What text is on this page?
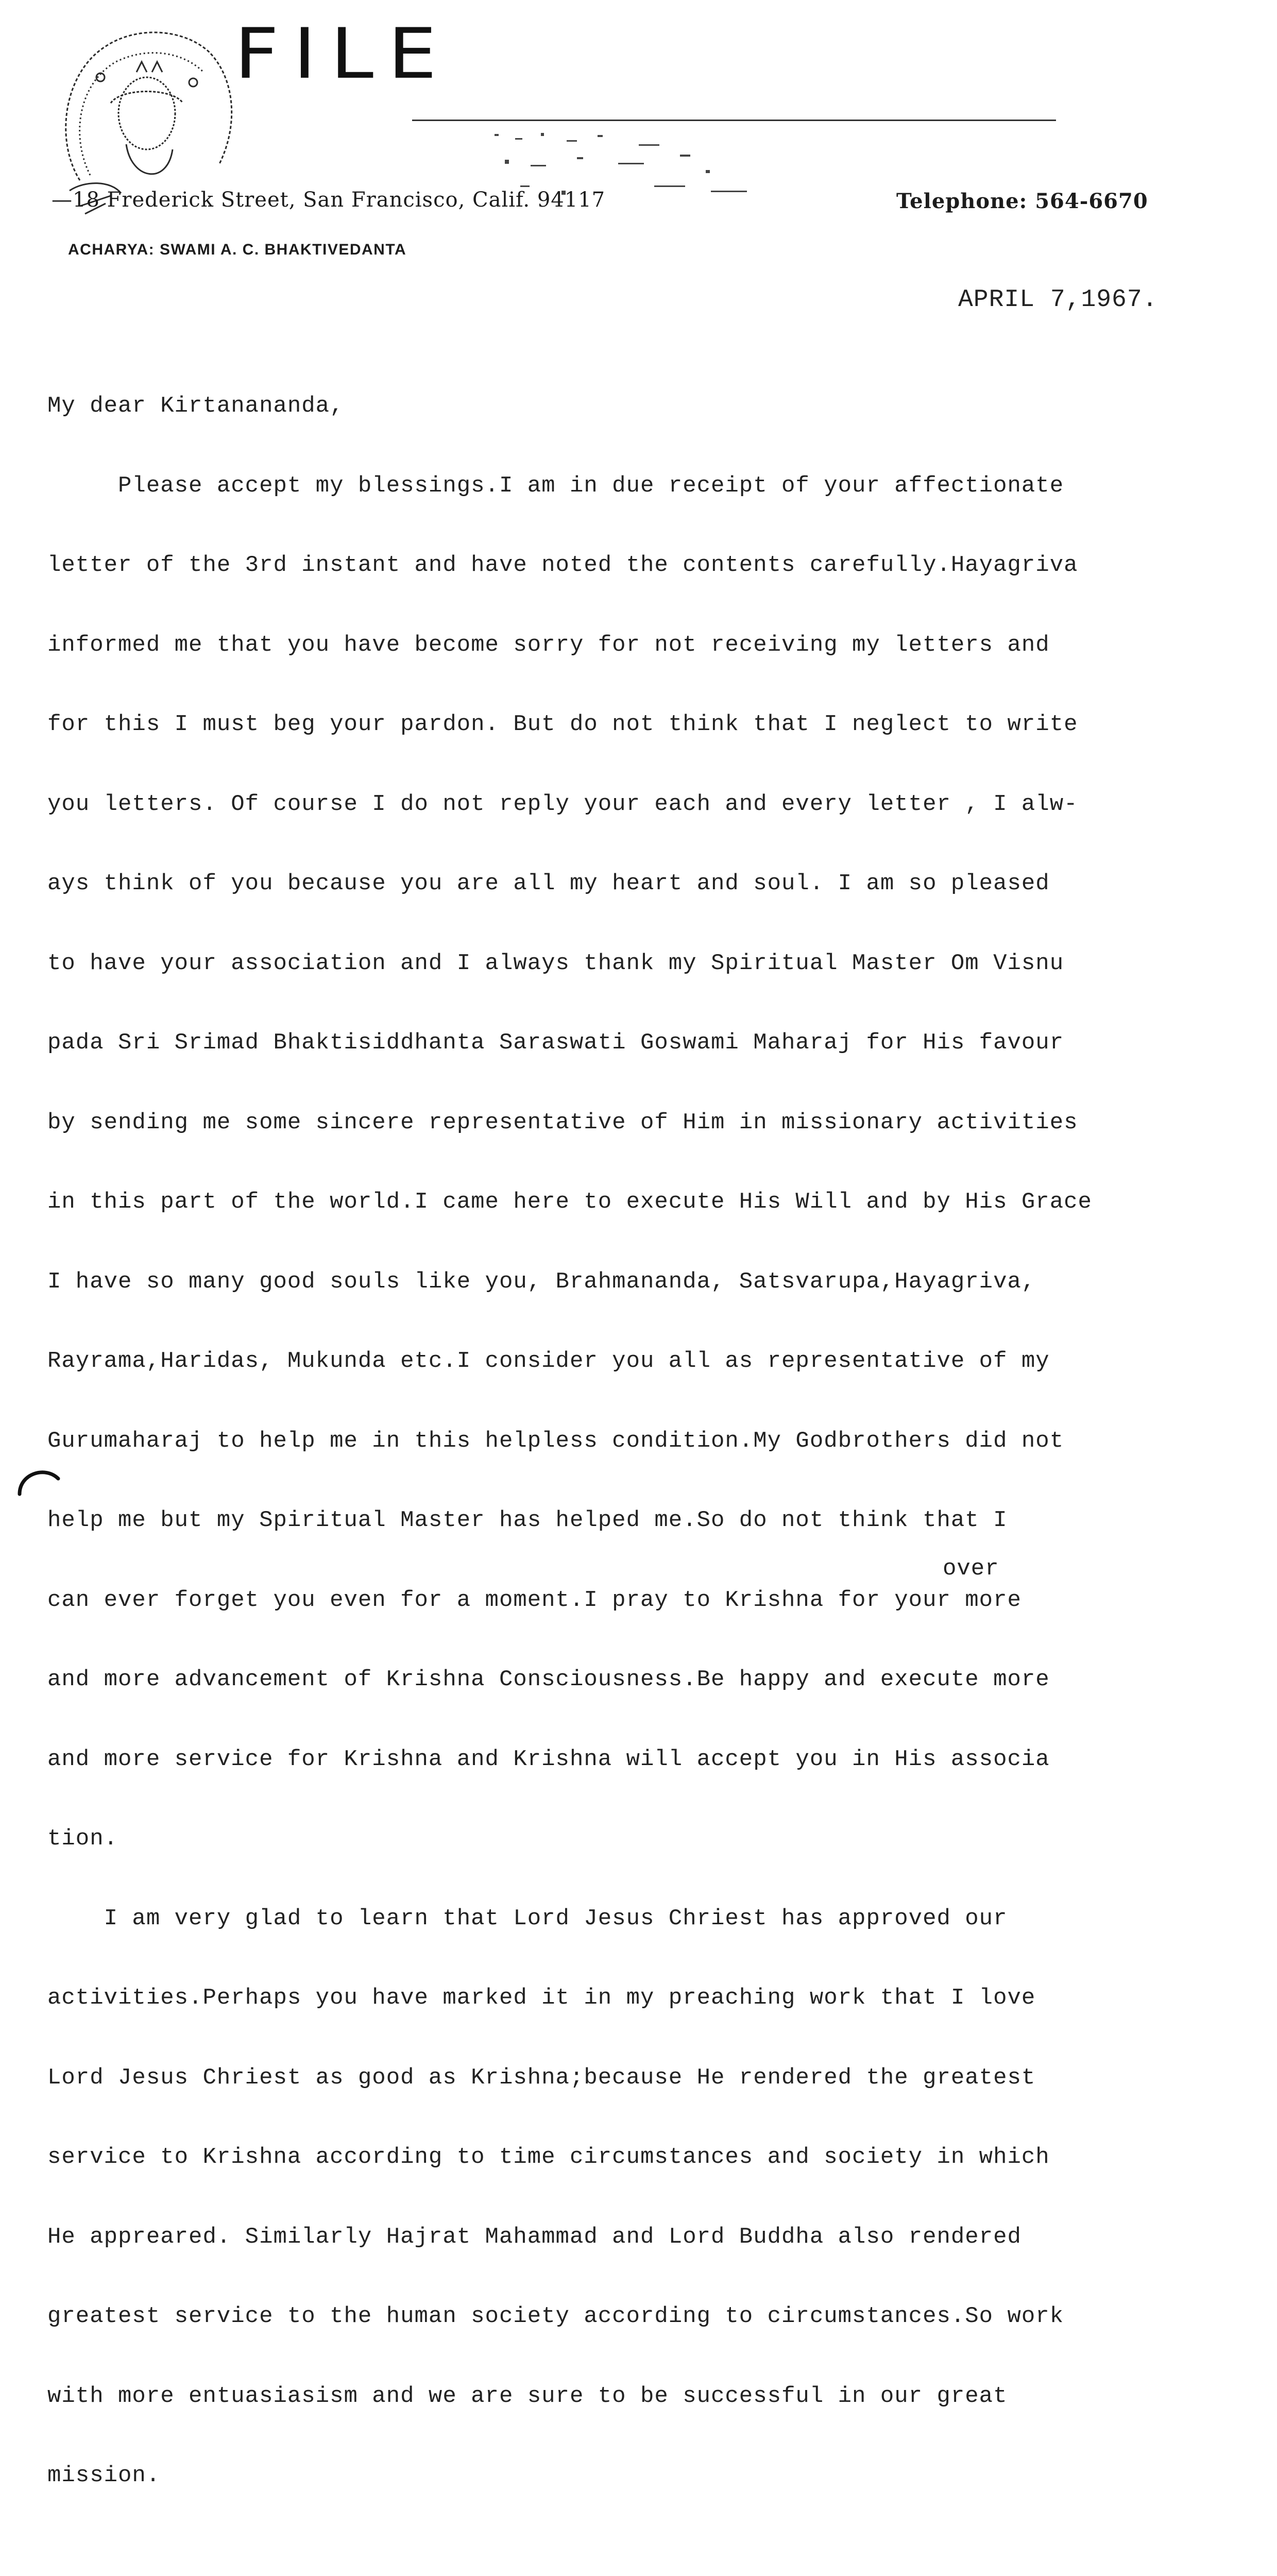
FILE
—18 Frederick Street, San Francisco, Calif. 94117	Telephone: 564-6670
ACHARYA: SWAMI A. C. BHAKTIVEDANTA
APRIL 7,1967.

My dear Kirtanananda,

Please accept my blessings.I am in due receipt of your affectionate

letter of the 3rd instant and have noted the contents carefully.Hayagriva

informed me that you have become sorry for not receiving my letters and

for this I must beg your pardon. But do not think that I neglect to write

you letters. Of course I do not reply your each and every letter , I alw-

ays think of you because you are all my heart and soul. I am so pleased

to have your association and I always thank my Spiritual Master Om Visnu

pada Sri Srimad Bhaktisiddhanta Saraswati Goswami Maharaj for His favour

by sending me some sincere representative of Him in missionary activities

in this part of the world.I came here to execute His Will and by His Grace

I have so many good souls like you, Brahmananda, Satsvarupa,Hayagriva,

Rayrama,Haridas, Mukunda etc.I consider you all as representative of my

Gurumaharaj to help me in this helpless condition.My Godbrothers did not

help me but my Spiritual Master has helped me.So do not think that I

can ever forget you even for a moment.I pray to Krishna for your more

and more advancement of Krishna Consciousness.Be happy and execute more

and more service for Krishna and Krishna will accept you in His associa

tion.

I am very glad to learn that Lord Jesus Chriest has approved our

activities.Perhaps you have marked it in my preaching work that I love

Lord Jesus Chriest as good as Krishna;because He rendered the greatest

service to Krishna according to time circumstances and society in which

He appreared. Similarly Hajrat Mahammad and Lord Buddha also rendered

greatest service to the human society according to circumstances.So work

with more entuasiasism and we are sure to be successful in our great

mission.

over
